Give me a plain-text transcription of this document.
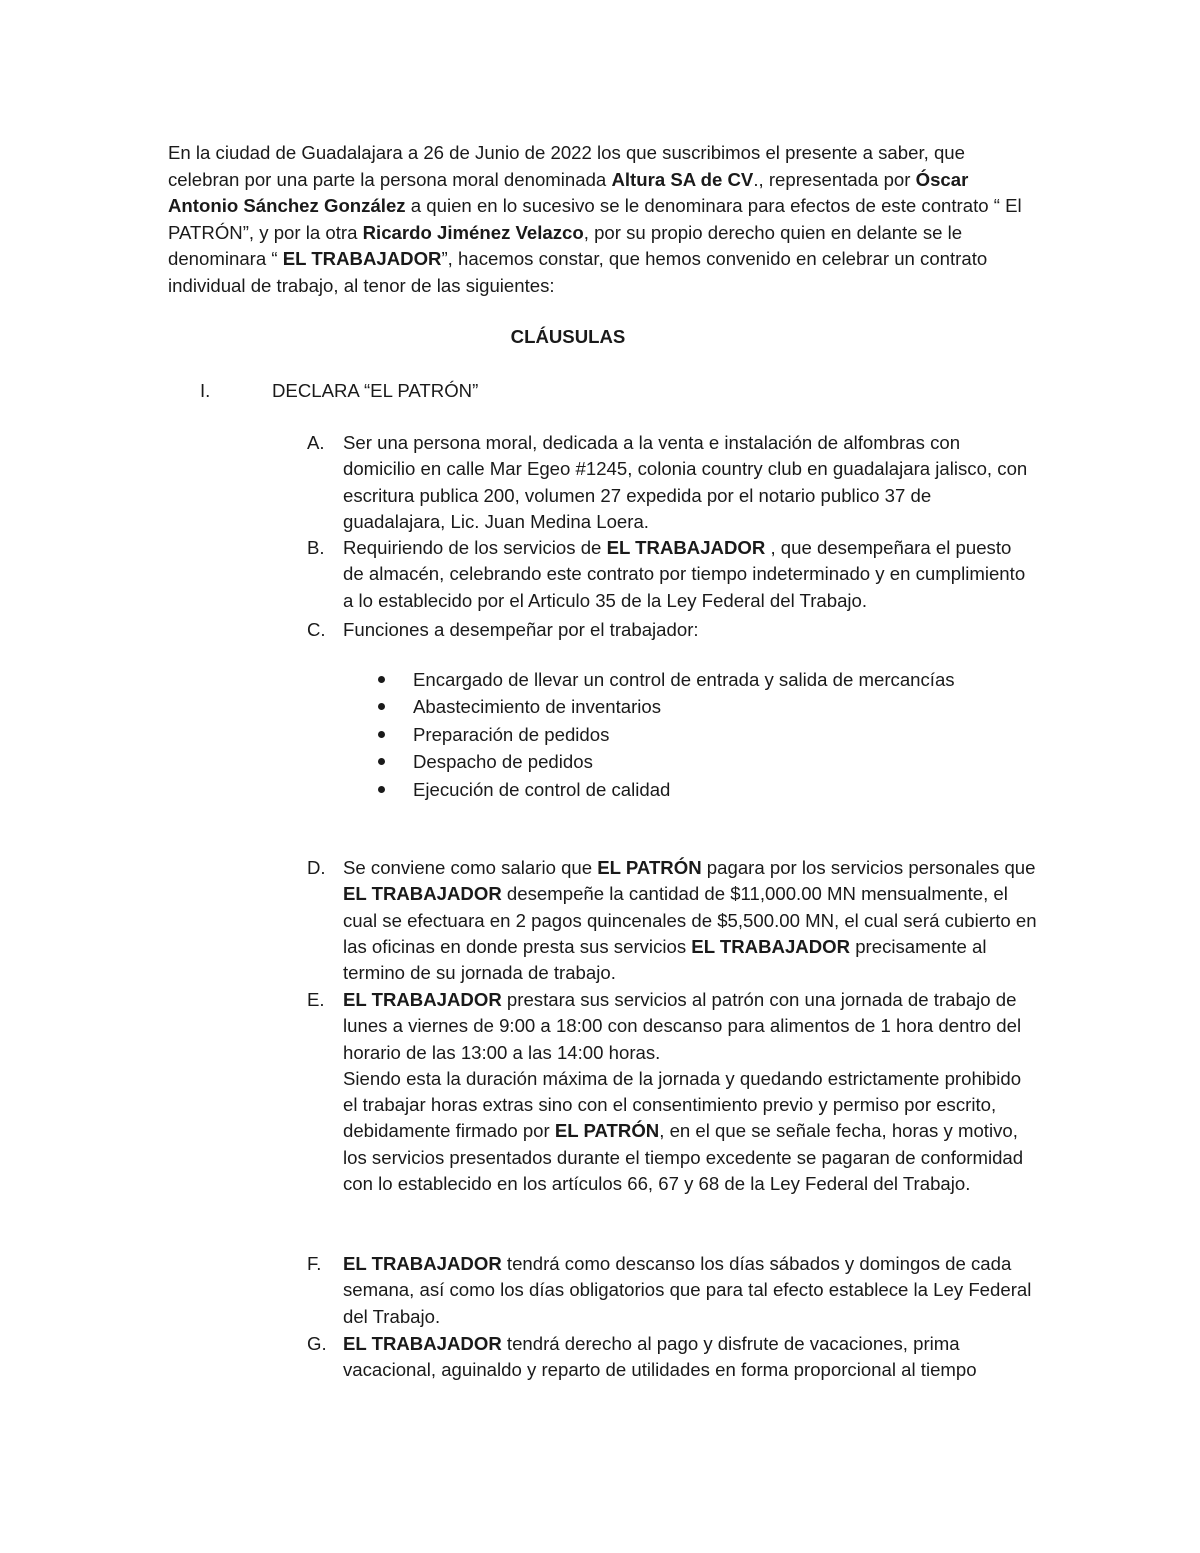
En la ciudad de Guadalajara a 26 de Junio de 2022 los que suscribimos el presente a saber, que celebran por una parte la persona moral denominada Altura SA de CV., representada por Óscar Antonio Sánchez González a quien en lo sucesivo se le denominara para efectos de este contrato “ El PATRÓN”, y por la otra Ricardo Jiménez Velazco, por su propio derecho quien en delante se le denominara “ EL TRABAJADOR”, hacemos constar, que hemos convenido en celebrar un contrato individual de trabajo, al tenor de las siguientes:

CLÁUSULAS

I.	DECLARA “EL PATRÓN”
A. Ser una persona moral, dedicada a la venta e instalación de alfombras con domicilio en calle Mar Egeo #1245, colonia country club en guadalajara jalisco, con escritura publica 200, volumen 27 expedida por el notario publico 37 de guadalajara, Lic. Juan Medina Loera.
B. Requiriendo de los servicios de EL TRABAJADOR , que desempeñara el puesto de almacén, celebrando este contrato por tiempo indeterminado y en cumplimiento a lo establecido por el Articulo 35 de la Ley Federal del Trabajo.
C. Funciones a desempeñar por el trabajador:
Encargado de llevar un control de entrada y salida de mercancías
Abastecimiento de inventarios
Preparación de pedidos
Despacho de pedidos
Ejecución de control de calidad
D. Se conviene como salario que EL PATRÓN pagara por los servicios personales que EL TRABAJADOR desempeñe la cantidad de $11,000.00 MN mensualmente, el cual se efectuara en 2 pagos quincenales de $5,500.00 MN, el cual será cubierto en las oficinas en donde presta sus servicios EL TRABAJADOR precisamente al termino de su jornada de trabajo.
E. EL TRABAJADOR prestara sus servicios al patrón con una jornada de trabajo de lunes a viernes de 9:00 a 18:00 con descanso para alimentos de 1 hora dentro del horario de las 13:00 a las 14:00 horas.

Siendo esta la duración máxima de la jornada y quedando estrictamente prohibido el trabajar horas extras sino con el consentimiento previo y permiso por escrito, debidamente firmado por EL PATRÓN, en el que se señale fecha, horas y motivo, los servicios presentados durante el tiempo excedente se pagaran de conformidad con lo establecido en los artículos 66, 67 y 68 de la Ley Federal del Trabajo.

F.	EL TRABAJADOR tendrá como descanso los días sábados y domingos de cada semana, así como los días obligatorios que para tal efecto establece la Ley Federal del Trabajo.
G. EL TRABAJADOR tendrá derecho al pago y disfrute de vacaciones, prima vacacional, aguinaldo y reparto de utilidades en forma proporcional al tiempo
